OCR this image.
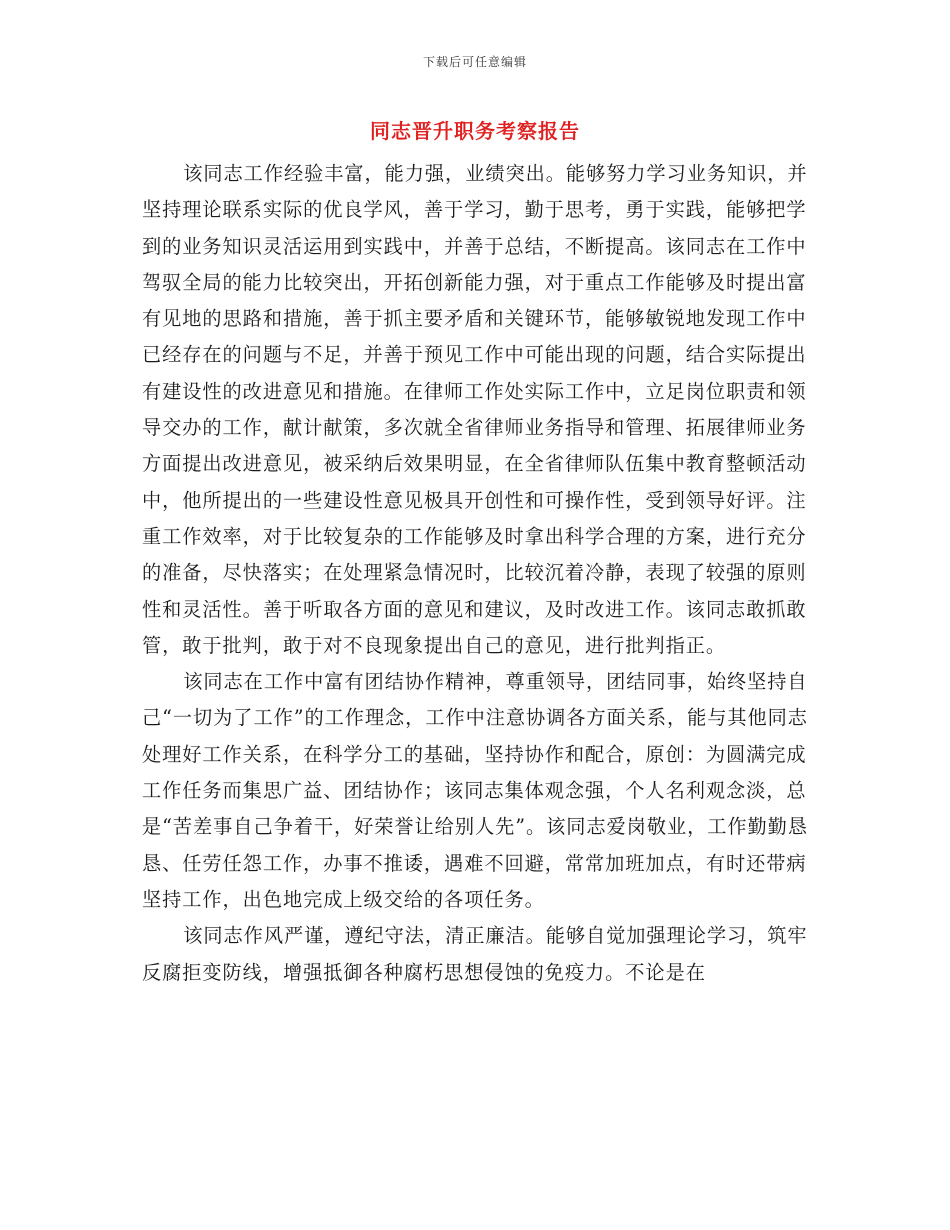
下载后可任意编辑
同志晋升职务考察报告

该同志工作经验丰富，能力强，业绩突出。能够努力学习业务知识，并坚持理论联系实际的优良学风，善于学习，勤于思考，勇于实践，能够把学到的业务知识灵活运用到实践中，并善于总结，不断提高。该同志在工作中驾驭全局的能力比较突出，开拓创新能力强，对于重点工作能够及时提出富有见地的思路和措施，善于抓主要矛盾和关键环节，能够敏锐地发现工作中已经存在的问题与不足，并善于预见工作中可能出现的问题，结合实际提出有建设性的改进意见和措施。在律师工作处实际工作中，立足岗位职责和领导交办的工作，献计献策，多次就全省律师业务指导和管理、拓展律师业务方面提出改进意见，被采纳后效果明显，在全省律师队伍集中教育整顿活动中，他所提出的一些建设性意见极具开创性和可操作性，受到领导好评。注重工作效率，对于比较复杂的工作能够及时拿出科学合理的方案，进行充分的准备，尽快落实；在处理紧急情况时，比较沉着冷静，表现了较强的原则性和灵活性。善于听取各方面的意见和建议，及时改进工作。该同志敢抓敢管，敢于批判，敢于对不良现象提出自己的意见，进行批判指正。

该同志在工作中富有团结协作精神，尊重领导，团结同事，始终坚持自己“一切为了工作”的工作理念，工作中注意协调各方面关系，能与其他同志处理好工作关系，在科学分工的基础，坚持协作和配合，原创：为圆满完成工作任务而集思广益、团结协作；该同志集体观念强，个人名利观念淡，总是“苦差事自己争着干，好荣誉让给别人先”。该同志爱岗敬业，工作勤勤恳恳、任劳任怨工作，办事不推诿，遇难不回避，常常加班加点，有时还带病坚持工作，出色地完成上级交给的各项任务。

该同志作风严谨，遵纪守法，清正廉洁。能够自觉加强理论学习，筑牢反腐拒变防线，增强抵御各种腐朽思想侵蚀的免疫力。不论是在
